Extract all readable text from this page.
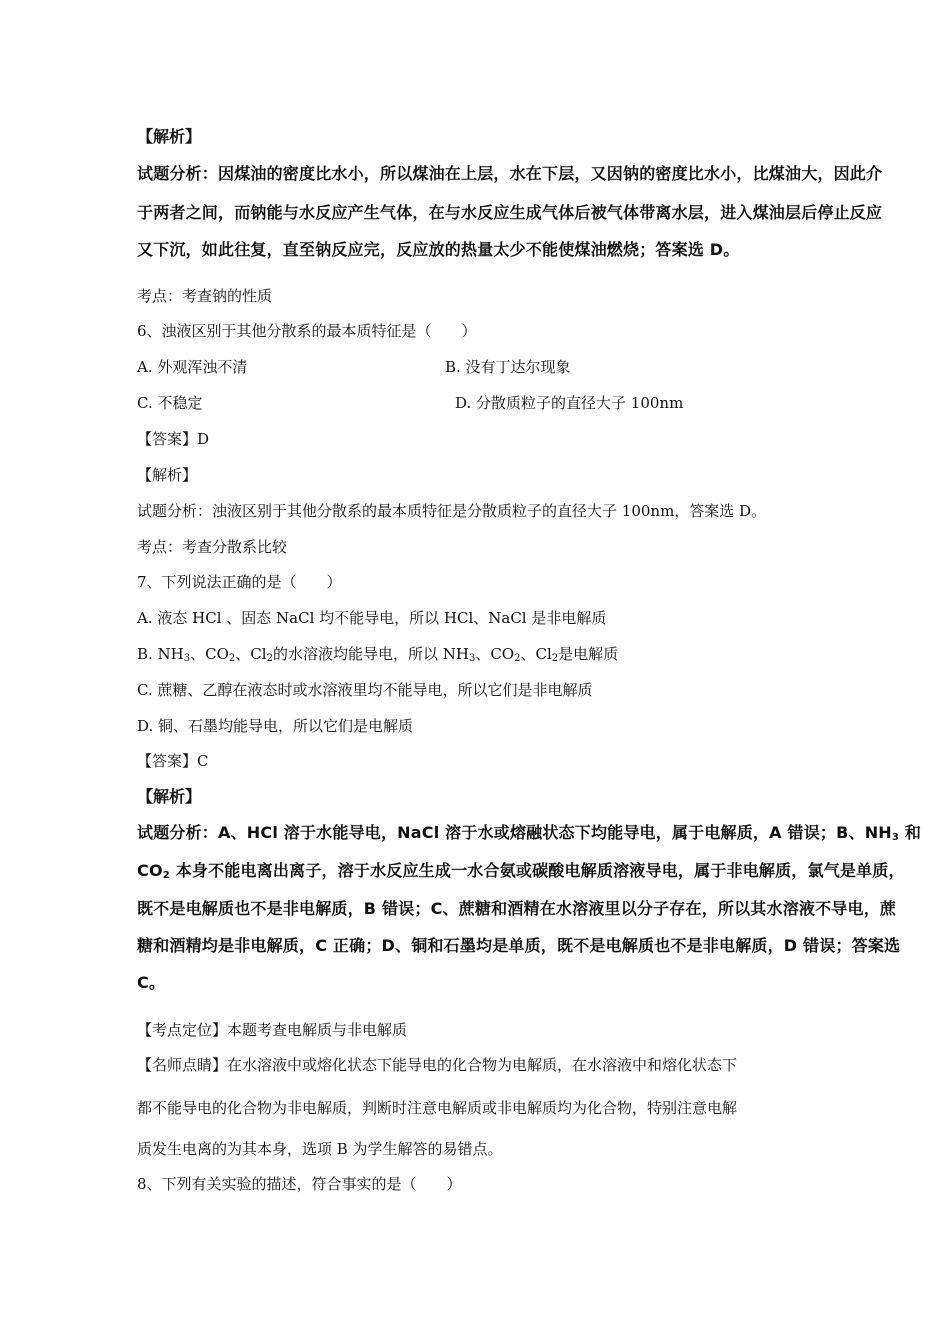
【解析】
试题分析：因煤油的密度比水小，所以煤油在上层，水在下层，又因钠的密度比水小，比煤油大，因此介
于两者之间，而钠能与水反应产生气体，在与水反应生成气体后被气体带离水层，进入煤油层后停止反应
又下沉，如此往复，直至钠反应完，反应放的热量太少不能使煤油燃烧；答案选 D。
考点：考查钠的性质
6、浊液区别于其他分散系的最本质特征是（　　）
A. 外观浑浊不清	B. 没有丁达尔现象
C. 不稳定	D. 分散质粒子的直径大子 100nm
【答案】D
【解析】
试题分析：浊液区别于其他分散系的最本质特征是分散质粒子的直径大子 100nm，答案选 D。
考点：考查分散系比较
7、下列说法正确的是（　　）
A. 液态 HCl 、固态 NaCl 均不能导电，所以 HCl、NaCl 是非电解质
B. $NH_3$、$CO_2$、$Cl_2$的水溶液均能导电，所以 $NH_3$、$CO_2$、$Cl_2$是电解质
C. 蔗糖、乙醇在液态时或水溶液里均不能导电，所以它们是非电解质
D. 铜、石墨均能导电，所以它们是电解质
【答案】C
【解析】
试题分析：A、HCl 溶于水能导电，NaCl 溶于水或熔融状态下均能导电，属于电解质，A 错误；B、$NH_3$ 和
$CO_2$ 本身不能电离出离子，溶于水反应生成一水合氨或碳酸电解质溶液导电，属于非电解质，氯气是单质，
既不是电解质也不是非电解质，B 错误；C、蔗糖和酒精在水溶液里以分子存在，所以其水溶液不导电，蔗
糖和酒精均是非电解质，C 正确；D、铜和石墨均是单质，既不是电解质也不是非电解质，D 错误；答案选
C。
【考点定位】本题考查电解质与非电解质
【名师点睛】在水溶液中或熔化状态下能导电的化合物为电解质，在水溶液中和熔化状态下
都不能导电的化合物为非电解质，判断时注意电解质或非电解质均为化合物，特别注意电解
质发生电离的为其本身，选项 B 为学生解答的易错点。
8、下列有关实验的描述，符合事实的是（　　）
